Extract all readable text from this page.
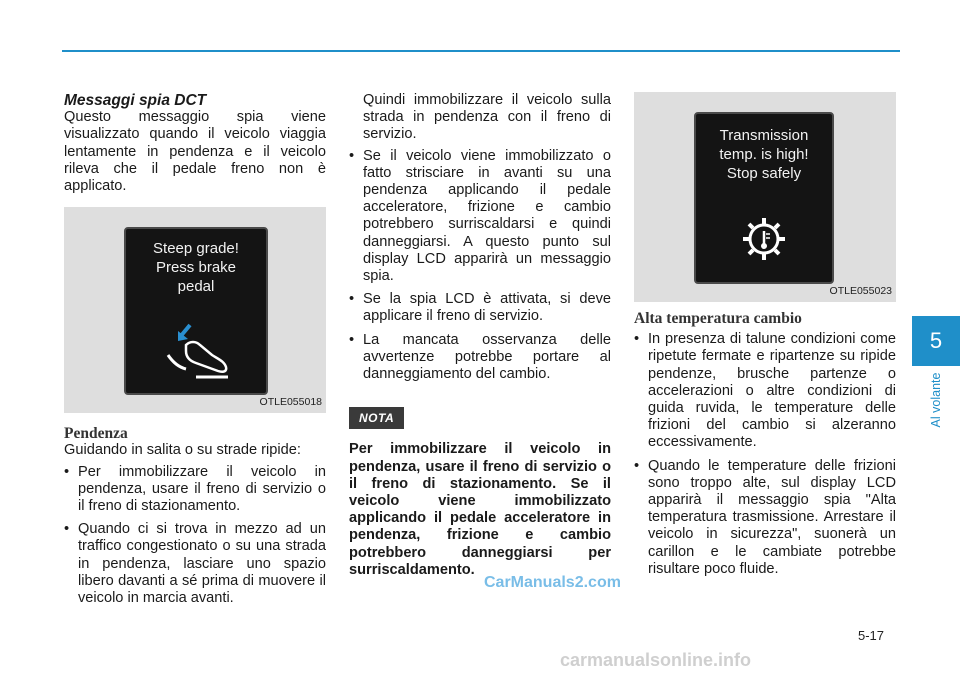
Messaggi spia DCT

Questo messaggio spia viene visualizzato quando il veicolo viaggia lentamente in pendenza e il veicolo rileva che il pedale freno non è applicato.

Steep grade!
Press brake
pedal
OTLE055018

Pendenza

Guidando in salita o su strade ripide:

• Per immobilizzare il veicolo in pendenza, usare il freno di servizio o il freno di stazionamento.
• Quando ci si trova in mezzo ad un traffico congestionato o su una strada in pendenza, lasciare uno spazio libero davanti a sé prima di muovere il veicolo in marcia avanti.

Quindi immobilizzare il veicolo sulla strada in pendenza con il freno di servizio.

• Se il veicolo viene immobilizzato o fatto strisciare in avanti su una pendenza applicando il pedale acceleratore, frizione e cambio potrebbero surriscaldarsi e quindi danneggiarsi. A questo punto sul display LCD apparirà un messaggio spia.
• Se la spia LCD è attivata, si deve applicare il freno di servizio.
• La mancata osservanza delle avvertenze potrebbe portare al danneggiamento del cambio.
NOTA

Per immobilizzare il veicolo in pendenza, usare il freno di servizio o il freno di stazionamento. Se il veicolo viene immobilizzato applicando il pedale acceleratore in pendenza, frizione e cambio potrebbero danneggiarsi per surriscaldamento.

Transmission
temp. is high!
Stop safely
OTLE055023

Alta temperatura cambio

• In presenza di talune condizioni come ripetute fermate e ripartenze su ripide pendenze, brusche partenze o accelerazioni o altre condizioni di guida ruvida, le temperature delle frizioni del cambio si alzeranno eccessivamente.
• Quando le temperature delle frizioni sono troppo alte, sul display LCD apparirà il messaggio spia "Alta temperatura trasmissione. Arrestare il veicolo in sicurezza", suonerà un carillon e le cambiate potrebbe risultare poco fluide.
5
Al volante
5-17
CarManuals2.com
carmanualsonline.info
